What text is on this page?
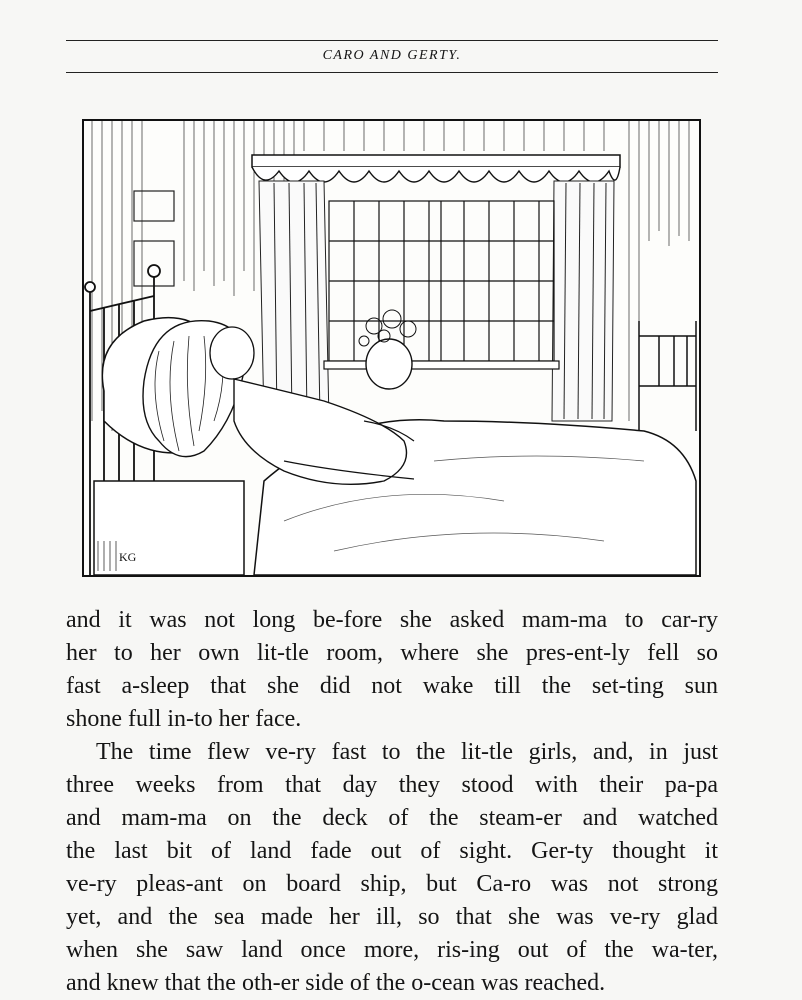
CARO AND GERTY.
KG

and it was not long be-fore she asked mam-ma to car-ry
her to her own lit-tle room, where she pres-ent-ly fell so
fast a-sleep that she did not wake till the set-ting sun

shone full in-to her face.

The time flew ve-ry fast to the lit-tle girls, and, in just

three weeks from that day they stood with their pa-pa
and mam-ma on the deck of the steam-er and watched
the last bit of land fade out of sight. Ger-ty thought it
ve-ry pleas-ant on board ship, but Ca-ro was not strong
yet, and the sea made her ill, so that she was ve-ry glad
when she saw land once more, ris-ing out of the wa-ter,

and knew that the oth-er side of the o-cean was reached.
